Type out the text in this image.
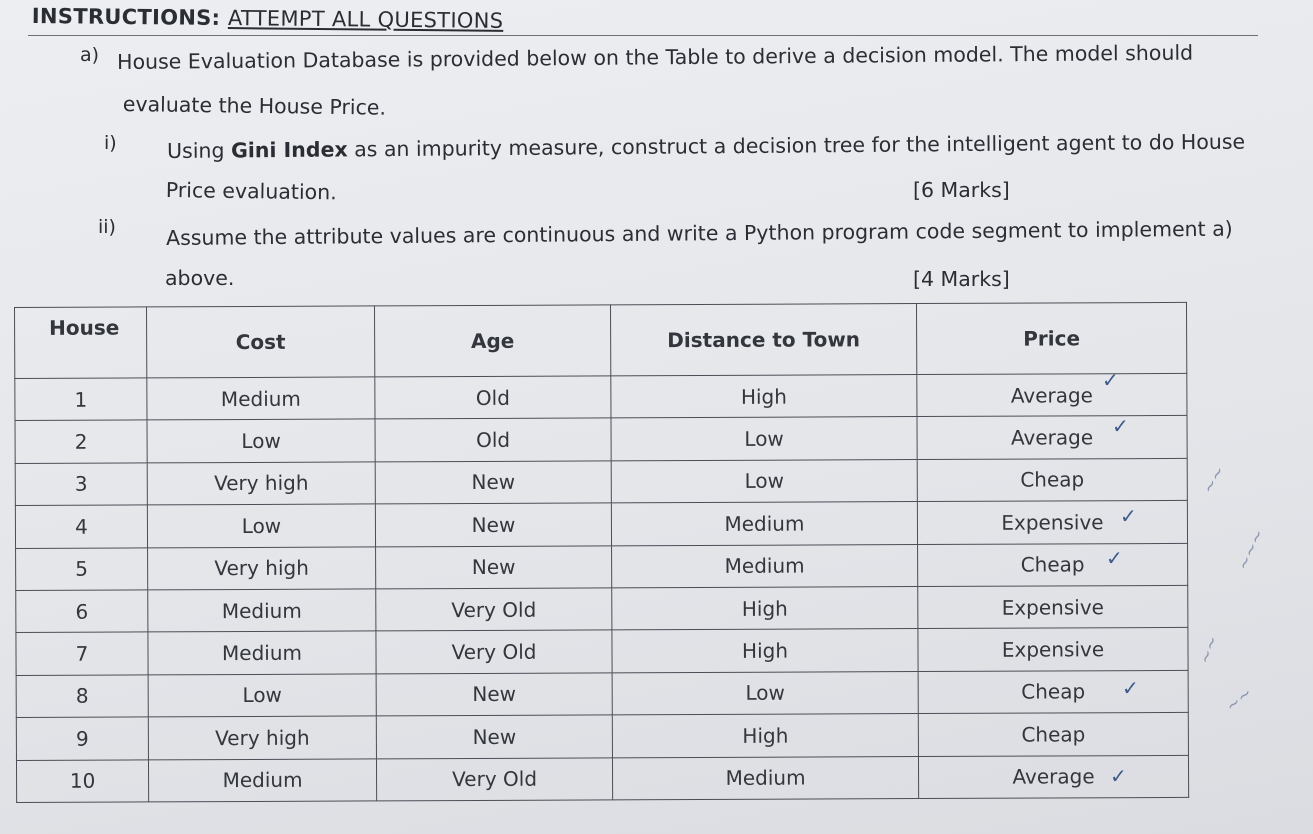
INSTRUCTIONS: ATTEMPT ALL QUESTIONS
a) House Evaluation Database is provided below on the Table to derive a decision model. The model should
evaluate the House Price.
i) Using Gini Index as an impurity measure, construct a decision tree for the intelligent agent to do House
Price evaluation.	[6 Marks]
ii) Assume the attribute values are continuous and write a Python program code segment to implement a)
above.	[4 Marks]
House	Cost	Age	Distance to Town	Price
1	Medium	Old	High	Average
2	Low	Old	Low	Average
3	Very high	New	Low	Cheap
4	Low	New	Medium	Expensive
5	Very high	New	Medium	Cheap
6	Medium	Very Old	High	Expensive
7	Medium	Very Old	High	Expensive
8	Low	New	Low	Cheap
9	Very high	New	High	Cheap
10	Medium	Very Old	Medium	Average
✓
✓
✓
✓
✓
✓
~~
~~~
~~
~~
